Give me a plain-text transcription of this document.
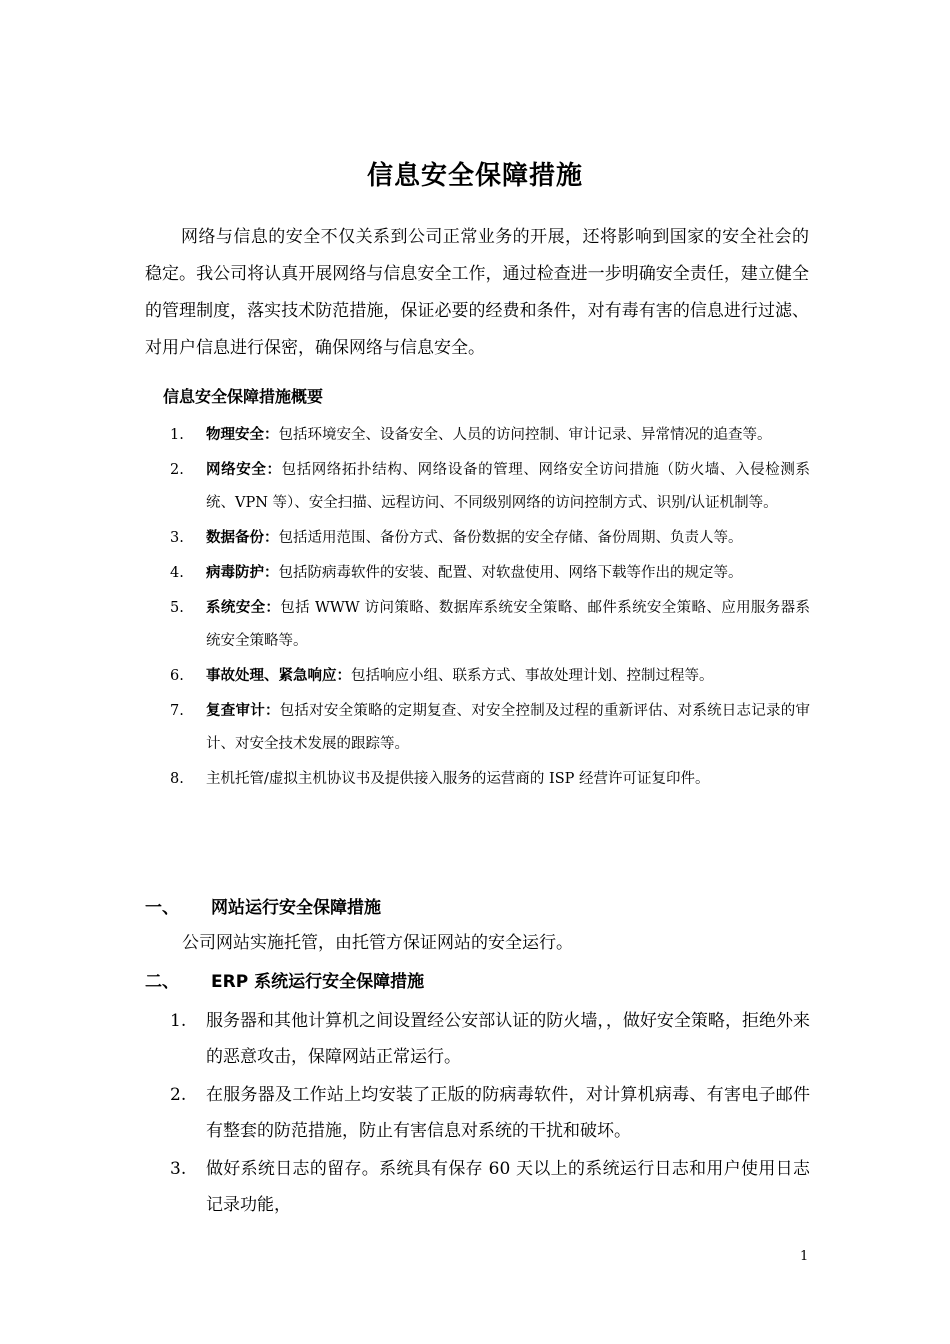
信息安全保障措施
网络与信息的安全不仅关系到公司正常业务的开展，还将影响到国家的安全社会的稳定。我公司将认真开展网络与信息安全工作，通过检查进一步明确安全责任，建立健全的管理制度，落实技术防范措施，保证必要的经费和条件，对有毒有害的信息进行过滤、对用户信息进行保密，确保网络与信息安全。
信息安全保障措施概要
1. 物理安全：包括环境安全、设备安全、人员的访问控制、审计记录、异常情况的追查等。
2. 网络安全：包括网络拓扑结构、网络设备的管理、网络安全访问措施（防火墙、入侵检测系统、VPN 等）、安全扫描、远程访问、不同级别网络的访问控制方式、识别/认证机制等。
3. 数据备份：包括适用范围、备份方式、备份数据的安全存储、备份周期、负责人等。
4. 病毒防护：包括防病毒软件的安装、配置、对软盘使用、网络下载等作出的规定等。
5. 系统安全：包括 WWW 访问策略、数据库系统安全策略、邮件系统安全策略、应用服务器系统安全策略等。
6. 事故处理、紧急响应：包括响应小组、联系方式、事故处理计划、控制过程等。
7. 复查审计：包括对安全策略的定期复查、对安全控制及过程的重新评估、对系统日志记录的审计、对安全技术发展的跟踪等。
8. 主机托管/虚拟主机协议书及提供接入服务的运营商的 ISP 经营许可证复印件。
一、 网站运行安全保障措施
公司网站实施托管，由托管方保证网站的安全运行。
二、 ERP 系统运行安全保障措施
1. 服务器和其他计算机之间设置经公安部认证的防火墙，，做好安全策略，拒绝外来的恶意攻击，保障网站正常运行。
2. 在服务器及工作站上均安装了正版的防病毒软件，对计算机病毒、有害电子邮件有整套的防范措施，防止有害信息对系统的干扰和破坏。
3. 做好系统日志的留存。系统具有保存 60 天以上的系统运行日志和用户使用日志记录功能，
1
